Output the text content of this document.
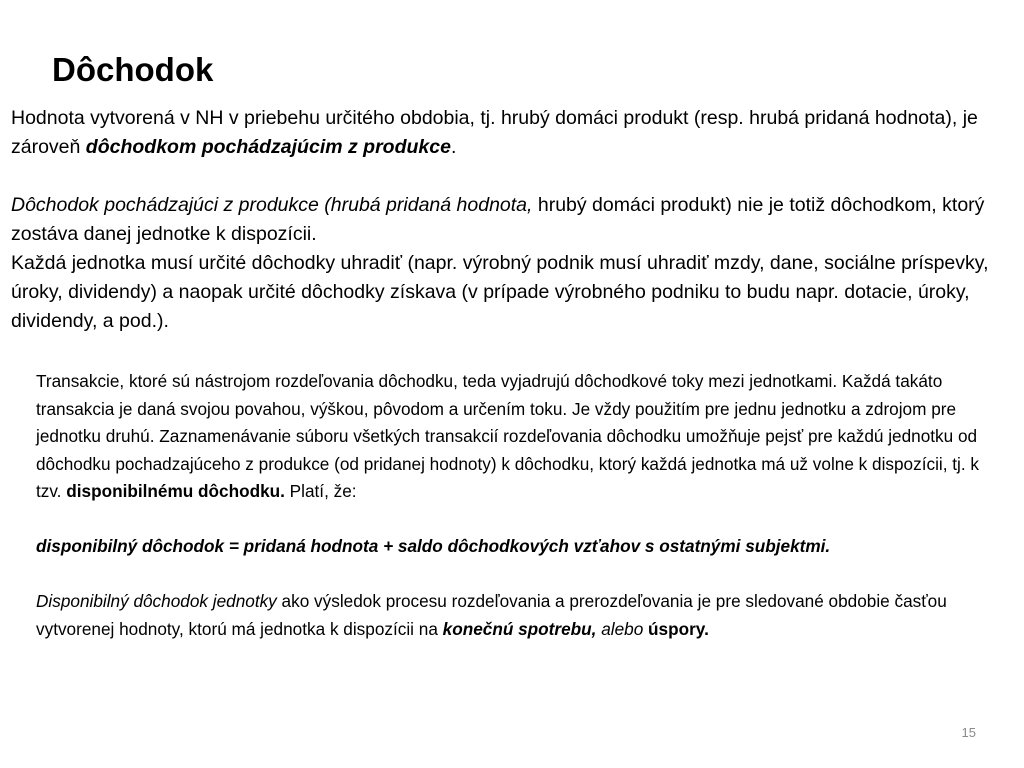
Dôchodok

Hodnota vytvorená v NH v priebehu určitého obdobia, tj. hrubý domáci produkt (resp. hrubá pridaná hodnota), je zároveň dôchodkom pochádzajúcim z produkce.

Dôchodok pochádzajúci z produkce (hrubá pridaná hodnota, hrubý domáci produkt) nie je totiž dôchodkom, ktorý zostáva danej jednotke k dispozícii.

Každá jednotka musí určité dôchodky uhradiť (napr. výrobný podnik musí uhradiť mzdy, dane, sociálne príspevky, úroky, dividendy) a naopak určité dôchodky získava (v prípade výrobného podniku to budu napr. dotacie, úroky, dividendy, a pod.).

Transakcie, ktoré sú nástrojom rozdeľovania dôchodku, teda vyjadrujú dôchodkové toky mezi jednotkami. Každá takáto transakcia je daná svojou povahou, výškou, pôvodom a určením toku. Je vždy použitím pre jednu jednotku a zdrojom pre jednotku druhú. Zaznamenávanie súboru všetkých transakcií rozdeľovania dôchodku umožňuje pejsť pre každú jednotku od dôchodku pochadzajúceho z produkce (od pridanej hodnoty) k dôchodku, ktorý každá jednotka má už volne k dispozícii, tj. k tzv. disponibilnému dôchodku. Platí, že:

disponibilný dôchodok = pridaná hodnota + saldo dôchodkových vzťahov s ostatnými subjektmi.

Disponibilný dôchodok jednotky ako výsledok procesu rozdeľovania a prerozdeľovania je pre sledované obdobie časťou vytvorenej hodnoty, ktorú má jednotka k dispozícii na konečnú spotrebu, alebo úspory.

15
